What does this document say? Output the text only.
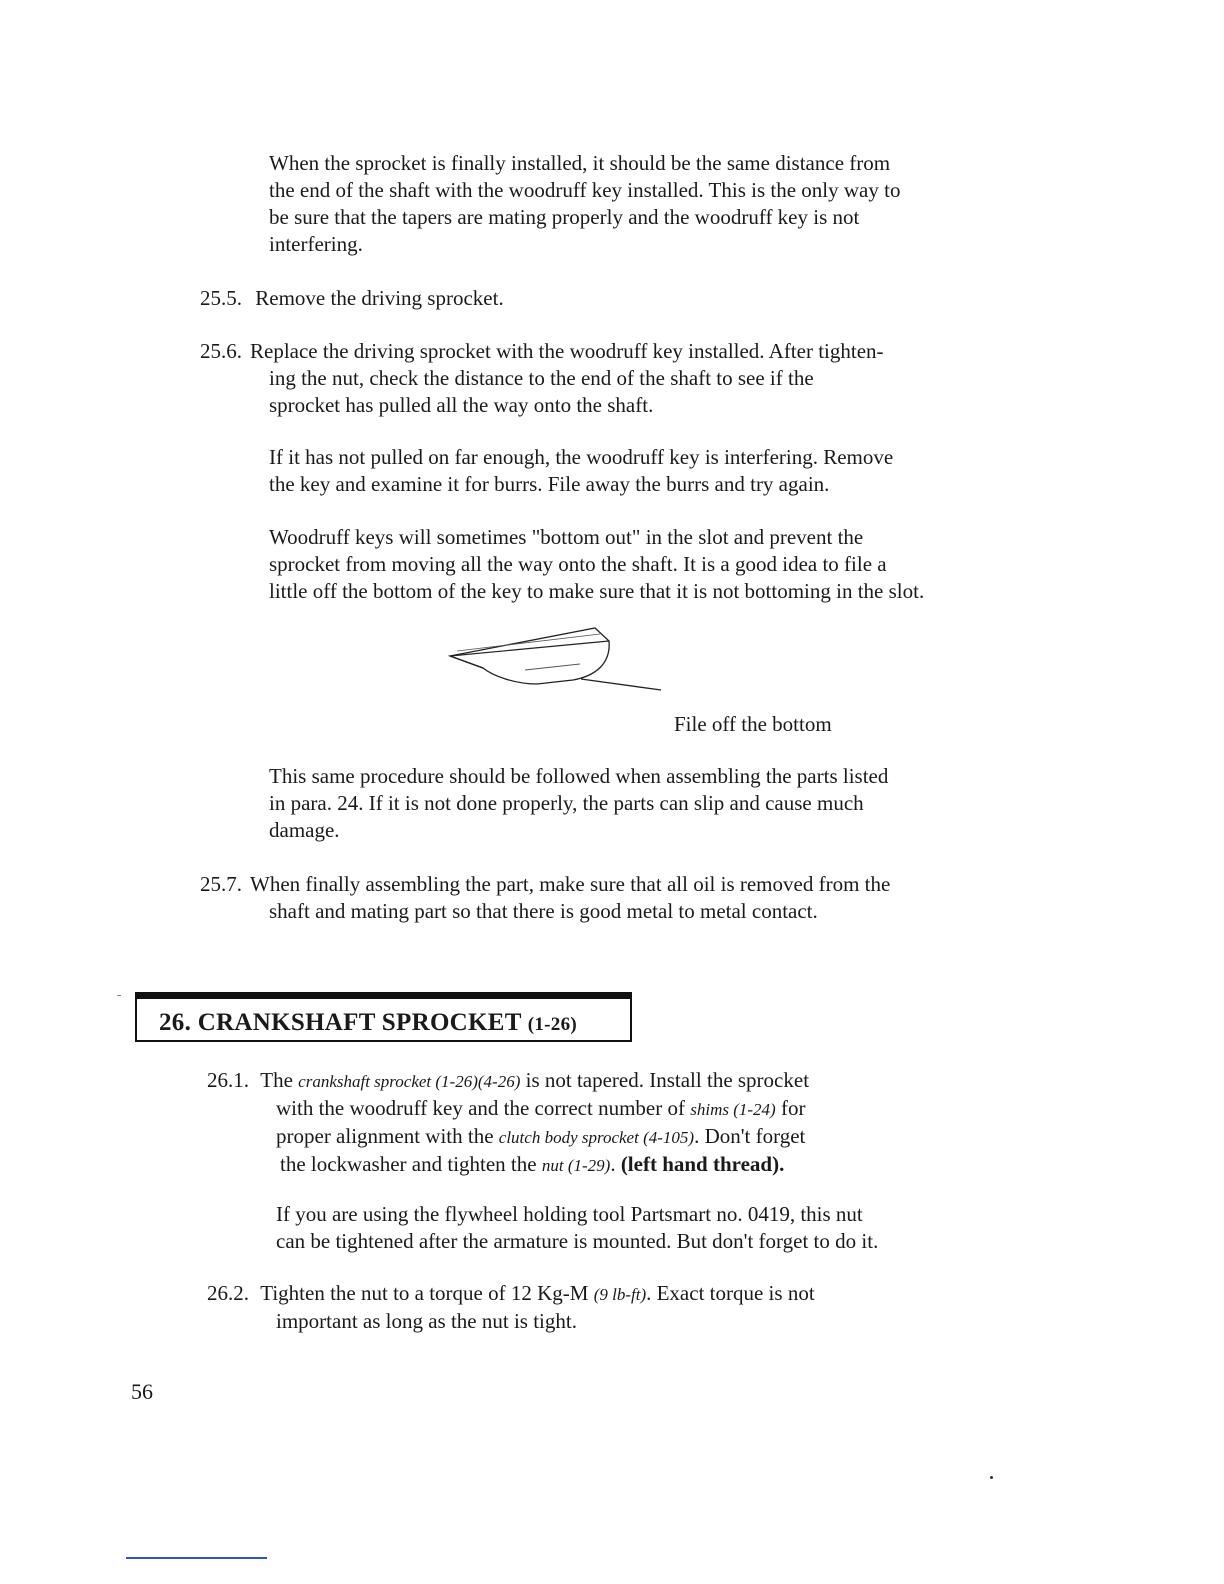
When the sprocket is finally installed, it should be the same distance from
the end of the shaft with the woodruff key installed. This is the only way to
be sure that the tapers are mating properly and the woodruff key is not
interfering.
25.5. Remove the driving sprocket.
25.6. Replace the driving sprocket with the woodruff key installed. After tighten-
ing the nut, check the distance to the end of the shaft to see if the
sprocket has pulled all the way onto the shaft.
If it has not pulled on far enough, the woodruff key is interfering. Remove
the key and examine it for burrs. File away the burrs and try again.
Woodruff keys will sometimes "bottom out" in the slot and prevent the
sprocket from moving all the way onto the shaft. It is a good idea to file a
little off the bottom of the key to make sure that it is not bottoming in the slot.
File off the bottom
This same procedure should be followed when assembling the parts listed
in para. 24. If it is not done properly, the parts can slip and cause much
damage.
25.7. When finally assembling the part, make sure that all oil is removed from the
shaft and mating part so that there is good metal to metal contact.
26. CRANKSHAFT SPROCKET (1-26)
26.1. The crankshaft sprocket (1-26)(4-26) is not tapered. Install the sprocket
with the woodruff key and the correct number of shims (1-24) for
proper alignment with the clutch body sprocket (4-105). Don't forget
the lockwasher and tighten the nut (1-29). (left hand thread).
If you are using the flywheel holding tool Partsmart no. 0419, this nut
can be tightened after the armature is mounted. But don't forget to do it.
26.2. Tighten the nut to a torque of 12 Kg-M (9 lb-ft). Exact torque is not
important as long as the nut is tight.
56
